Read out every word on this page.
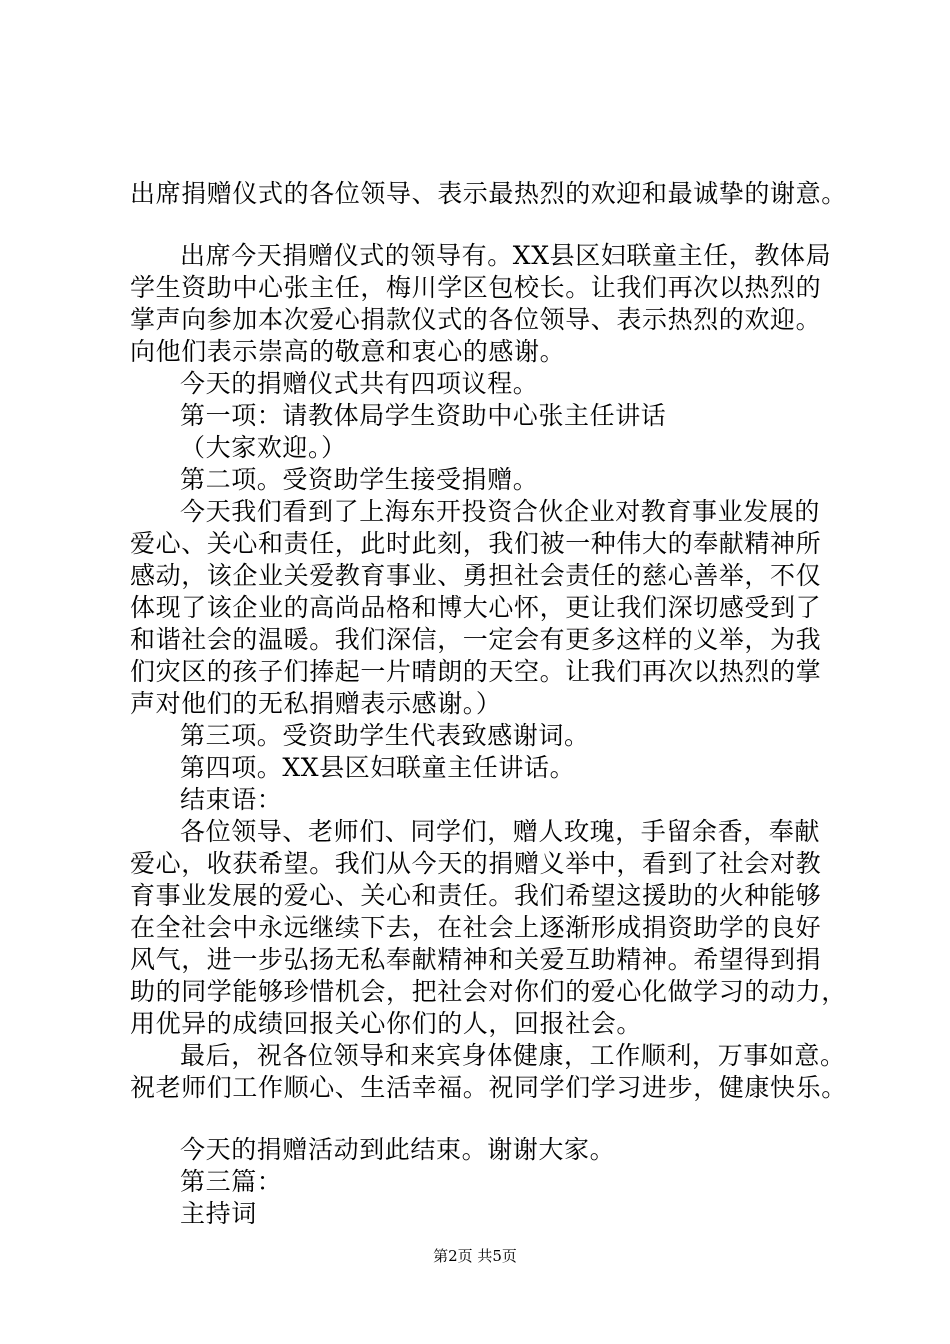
出席捐赠仪式的各位领导、表示最热烈的欢迎和最诚挚的谢意。
出席今天捐赠仪式的领导有。XX县区妇联童主任，教体局
学生资助中心张主任，梅川学区包校长。让我们再次以热烈的
掌声向参加本次爱心捐款仪式的各位领导、表示热烈的欢迎。
向他们表示崇高的敬意和衷心的感谢。
今天的捐赠仪式共有四项议程。
第一项：请教体局学生资助中心张主任讲话
（大家欢迎。）
第二项。受资助学生接受捐赠。
今天我们看到了上海东开投资合伙企业对教育事业发展的
爱心、关心和责任，此时此刻，我们被一种伟大的奉献精神所
感动，该企业关爱教育事业、勇担社会责任的慈心善举，不仅
体现了该企业的高尚品格和博大心怀，更让我们深切感受到了
和谐社会的温暖。我们深信，一定会有更多这样的义举，为我
们灾区的孩子们捧起一片晴朗的天空。让我们再次以热烈的掌
声对他们的无私捐赠表示感谢。）
第三项。受资助学生代表致感谢词。
第四项。XX县区妇联童主任讲话。
结束语：
各位领导、老师们、同学们，赠人玫瑰，手留余香，奉献
爱心，收获希望。我们从今天的捐赠义举中，看到了社会对教
育事业发展的爱心、关心和责任。我们希望这援助的火种能够
在全社会中永远继续下去，在社会上逐渐形成捐资助学的良好
风气，进一步弘扬无私奉献精神和关爱互助精神。希望得到捐
助的同学能够珍惜机会，把社会对你们的爱心化做学习的动力，
用优异的成绩回报关心你们的人，回报社会。
最后，祝各位领导和来宾身体健康，工作顺利，万事如意。
祝老师们工作顺心、生活幸福。祝同学们学习进步，健康快乐。
今天的捐赠活动到此结束。谢谢大家。
第三篇：
主持词
第2页 共5页
